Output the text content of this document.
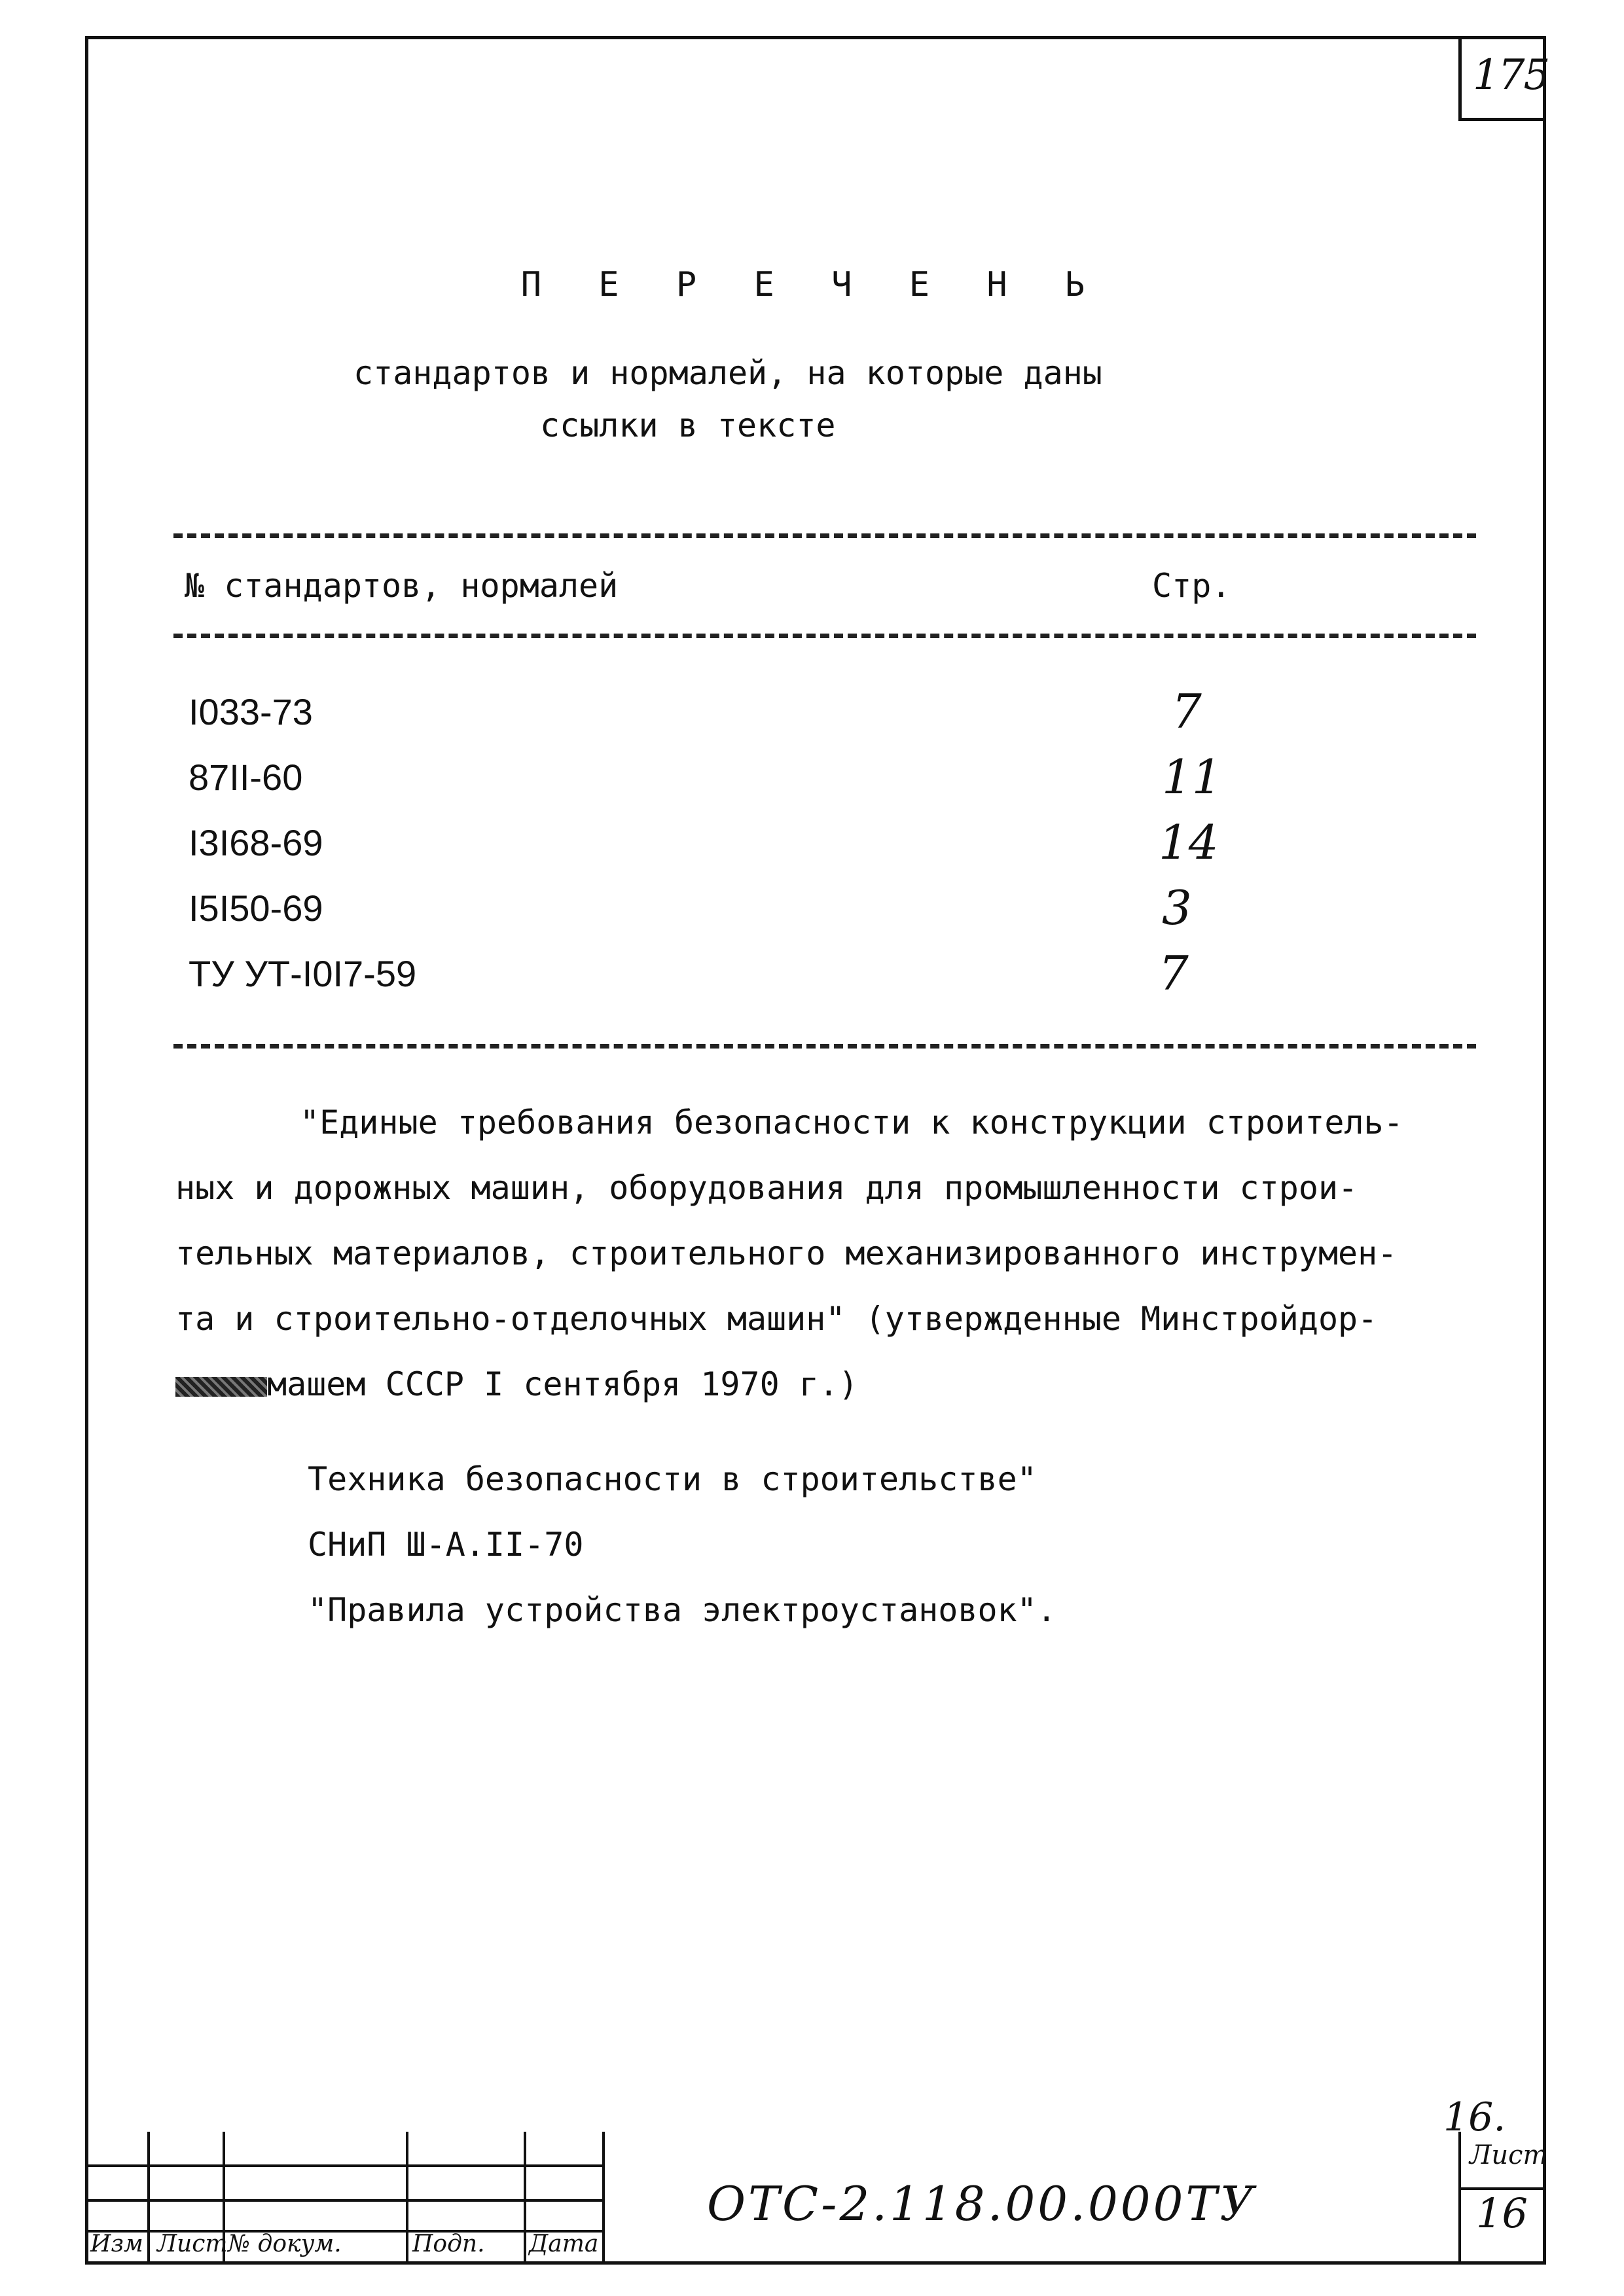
175
П Е Р Е Ч Е Н Ь
стандартов и нормалей, на которые даны
ссылки в тексте
№ стандартов, нормалей	Стр.
I033-73	7
87II-60	11
I3I68-69	14
I5I50-69	3
ТУ УТ-I0I7-59	7
"Единые требования безопасности к конструкции строитель-
ных и дорожных машин, оборудования для промышленности строи-
тельных материалов, строительного механизированного инструмен-
та и строительно-отделочных машин" (утвержденные Минстройдор-
машем СССР I сентября 1970 г.)
Техника безопасности в строительстве"
СНиП Ш-А.II-70
"Правила устройства электроустановок".
16.
Изм Лист № докум.	Подп. Дата
ОТС-2.118.00.000ТУ
Лист
16
